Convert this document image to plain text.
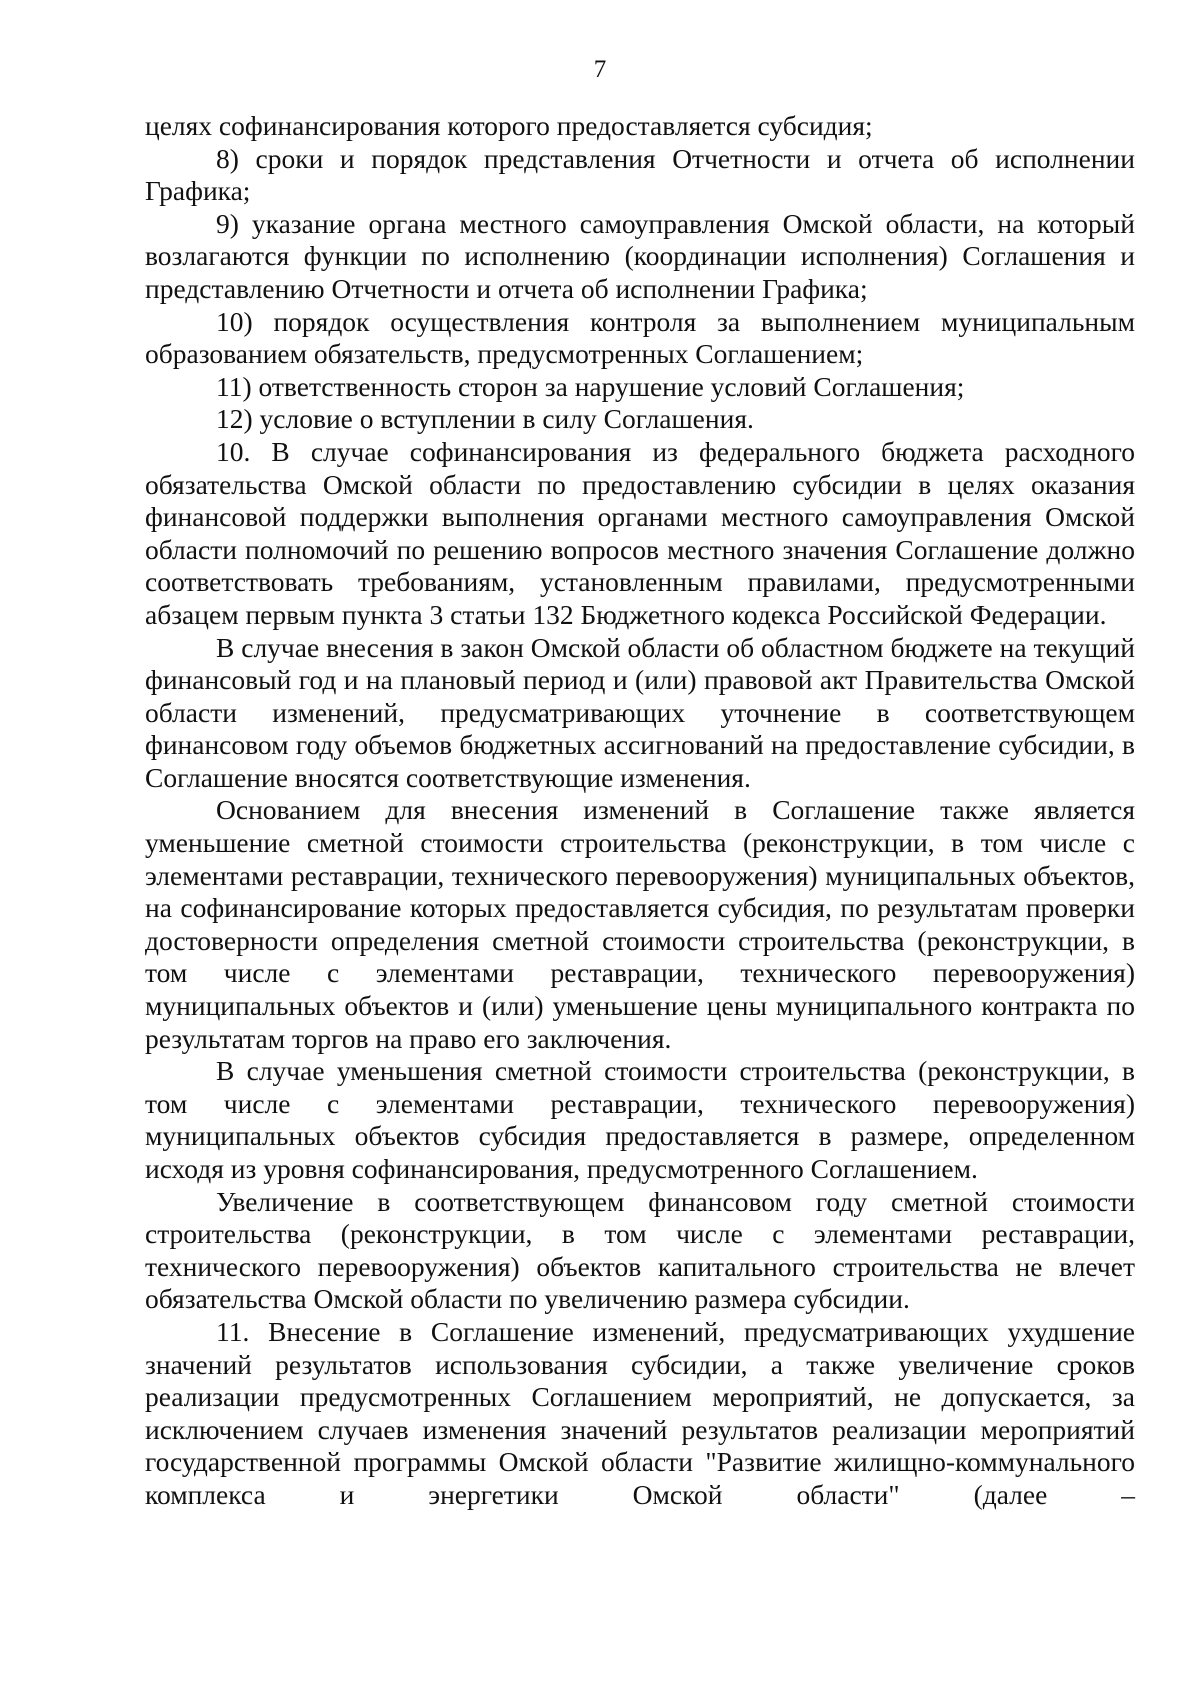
7

целях софинансирования которого предоставляется субсидия;

8) сроки и порядок представления Отчетности и отчета об исполнении Графика;

9) указание органа местного самоуправления Омской области, на который возлагаются функции по исполнению (координации исполнения) Соглашения и представлению Отчетности и отчета об исполнении Графика;

10) порядок осуществления контроля за выполнением муниципальным образованием обязательств, предусмотренных Соглашением;

11) ответственность сторон за нарушение условий Соглашения;

12) условие о вступлении в силу Соглашения.

10. В случае софинансирования из федерального бюджета расходного обязательства Омской области по предоставлению субсидии в целях оказания финансовой поддержки выполнения органами местного самоуправления Омской области полномочий по решению вопросов местного значения Соглашение должно соответствовать требованиям, установленным правилами, предусмотренными абзацем первым пункта 3 статьи 132 Бюджетного кодекса Российской Федерации.

В случае внесения в закон Омской области об областном бюджете на текущий финансовый год и на плановый период и (или) правовой акт Правительства Омской области изменений, предусматривающих уточнение в соответствующем финансовом году объемов бюджетных ассигнований на предоставление субсидии, в Соглашение вносятся соответствующие изменения.

Основанием для внесения изменений в Соглашение также является уменьшение сметной стоимости строительства (реконструкции, в том числе с элементами реставрации, технического перевооружения) муниципальных объектов, на софинансирование которых предоставляется субсидия, по результатам проверки достоверности определения сметной стоимости строительства (реконструкции, в том числе с элементами реставрации, технического перевооружения) муниципальных объектов и (или) уменьшение цены муниципального контракта по результатам торгов на право его заключения.

В случае уменьшения сметной стоимости строительства (реконструкции, в том числе с элементами реставрации, технического перевооружения) муниципальных объектов субсидия предоставляется в размере, определенном исходя из уровня софинансирования, предусмотренного Соглашением.

Увеличение в соответствующем финансовом году сметной стоимости строительства (реконструкции, в том числе с элементами реставрации, технического перевооружения) объектов капитального строительства не влечет обязательства Омской области по увеличению размера субсидии.

11. Внесение в Соглашение изменений, предусматривающих ухудшение значений результатов использования субсидии, а также увеличение сроков реализации предусмотренных Соглашением мероприятий, не допускается, за исключением случаев изменения значений результатов реализации мероприятий государственной программы Омской области "Развитие жилищно-коммунального комплекса и энергетики Омской области" (далее –
